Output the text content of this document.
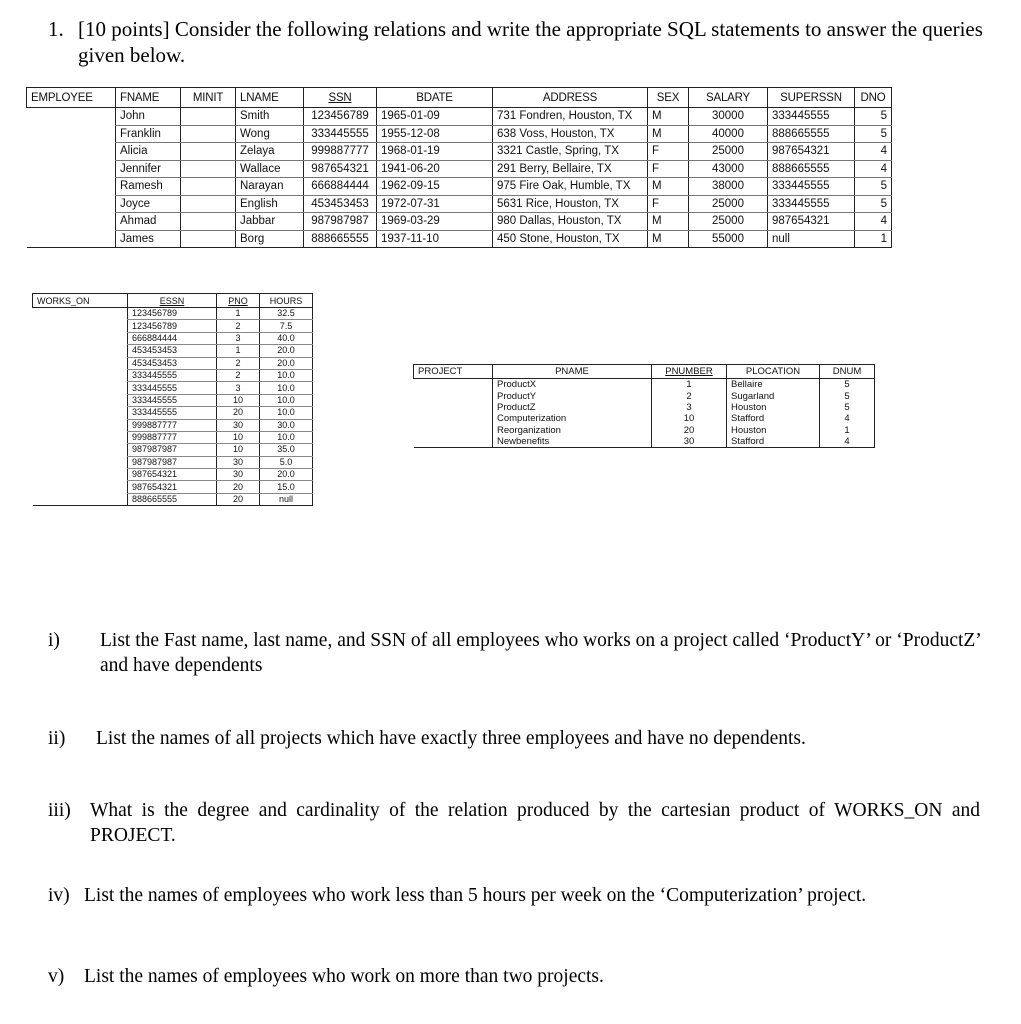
1. [10 points] Consider the following relations and write the appropriate SQL statements to answer the queries given below.
EMPLOYEE	FNAME	MINIT	LNAME	SSN	BDATE	ADDRESS	SEX	SALARY	SUPERSSN	DNO
	John		Smith	123456789	1965-01-09	731 Fondren, Houston, TX	M	30000	333445555	5
	Franklin		Wong	333445555	1955-12-08	638 Voss, Houston, TX	M	40000	888665555	5
	Alicia		Zelaya	999887777	1968-01-19	3321 Castle, Spring, TX	F	25000	987654321	4
	Jennifer		Wallace	987654321	1941-06-20	291 Berry, Bellaire, TX	F	43000	888665555	4
	Ramesh		Narayan	666884444	1962-09-15	975 Fire Oak, Humble, TX	M	38000	333445555	5
	Joyce		English	453453453	1972-07-31	5631 Rice, Houston, TX	F	25000	333445555	5
	Ahmad		Jabbar	987987987	1969-03-29	980 Dallas, Houston, TX	M	25000	987654321	4
	James		Borg	888665555	1937-11-10	450 Stone, Houston, TX	M	55000	null	1
WORKS_ON	ESSN	PNO	HOURS
	123456789	1	32.5
	123456789	2	7.5
	666884444	3	40.0
	453453453	1	20.0
	453453453	2	20.0
	333445555	2	10.0
	333445555	3	10.0
	333445555	10	10.0
	333445555	20	10.0
	999887777	30	30.0
	999887777	10	10.0
	987987987	10	35.0
	987987987	30	5.0
	987654321	30	20.0
	987654321	20	15.0
	888665555	20	null
PROJECT	PNAME	PNUMBER	PLOCATION	DNUM
	ProductX	1	Bellaire	5
	ProductY	2	Sugarland	5
	ProductZ	3	Houston	5
	Computerization	10	Stafford	4
	Reorganization	20	Houston	1
	Newbenefits	30	Stafford	4
i) List the Fast name, last name, and SSN of all employees who works on a project called ‘ProductY’ or ‘ProductZ’ and have dependents
ii) List the names of all projects which have exactly three employees and have no dependents.
iii) What is the degree and cardinality of the relation produced by the cartesian product of WORKS_ON and PROJECT.
iv) List the names of employees who work less than 5 hours per week on the ‘Computerization’ project.
v) List the names of employees who work on more than two projects.
